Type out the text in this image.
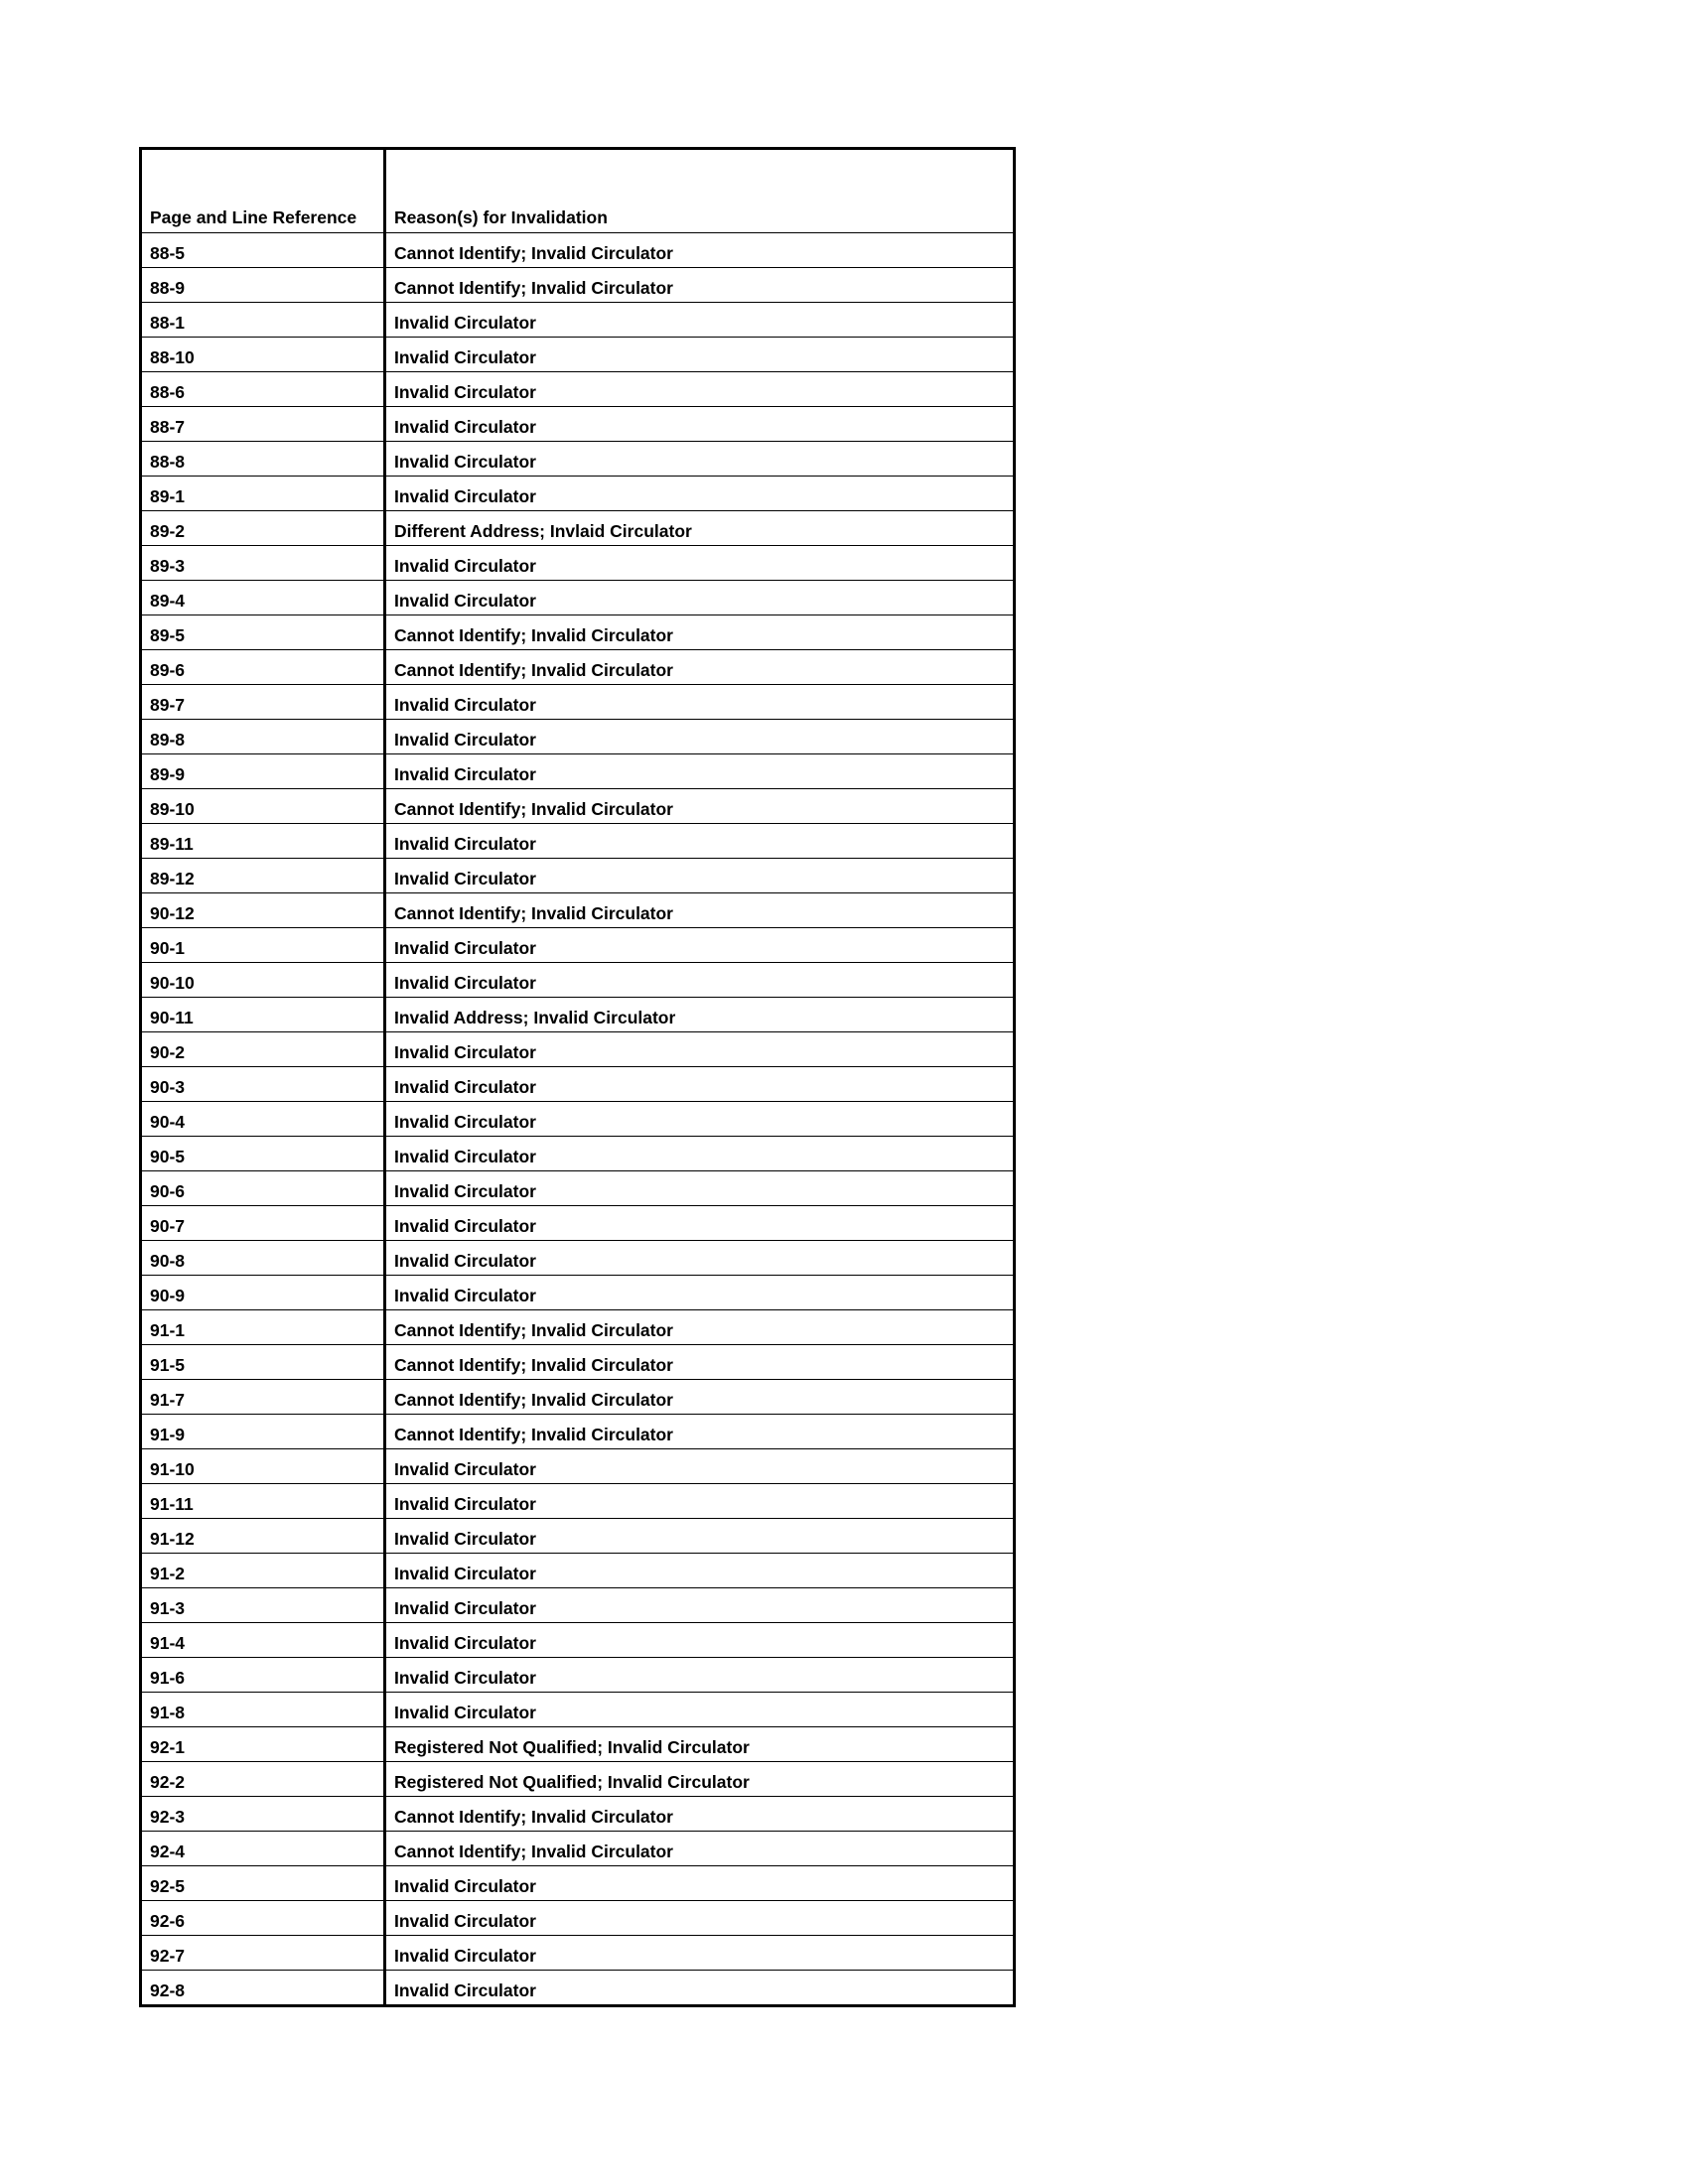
Page and Line Reference	Reason(s) for Invalidation
88-5	Cannot Identify; Invalid Circulator
88-9	Cannot Identify; Invalid Circulator
88-1	Invalid Circulator
88-10	Invalid Circulator
88-6	Invalid Circulator
88-7	Invalid Circulator
88-8	Invalid Circulator
89-1	Invalid Circulator
89-2	Different Address; Invlaid Circulator
89-3	Invalid Circulator
89-4	Invalid Circulator
89-5	Cannot Identify; Invalid Circulator
89-6	Cannot Identify; Invalid Circulator
89-7	Invalid Circulator
89-8	Invalid Circulator
89-9	Invalid Circulator
89-10	Cannot Identify; Invalid Circulator
89-11	Invalid Circulator
89-12	Invalid Circulator
90-12	Cannot Identify; Invalid Circulator
90-1	Invalid Circulator
90-10	Invalid Circulator
90-11	Invalid Address; Invalid Circulator
90-2	Invalid Circulator
90-3	Invalid Circulator
90-4	Invalid Circulator
90-5	Invalid Circulator
90-6	Invalid Circulator
90-7	Invalid Circulator
90-8	Invalid Circulator
90-9	Invalid Circulator
91-1	Cannot Identify; Invalid Circulator
91-5	Cannot Identify; Invalid Circulator
91-7	Cannot Identify; Invalid Circulator
91-9	Cannot Identify; Invalid Circulator
91-10	Invalid Circulator
91-11	Invalid Circulator
91-12	Invalid Circulator
91-2	Invalid Circulator
91-3	Invalid Circulator
91-4	Invalid Circulator
91-6	Invalid Circulator
91-8	Invalid Circulator
92-1	Registered Not Qualified; Invalid Circulator
92-2	Registered Not Qualified; Invalid Circulator
92-3	Cannot Identify; Invalid Circulator
92-4	Cannot Identify; Invalid Circulator
92-5	Invalid Circulator
92-6	Invalid Circulator
92-7	Invalid Circulator
92-8	Invalid Circulator
